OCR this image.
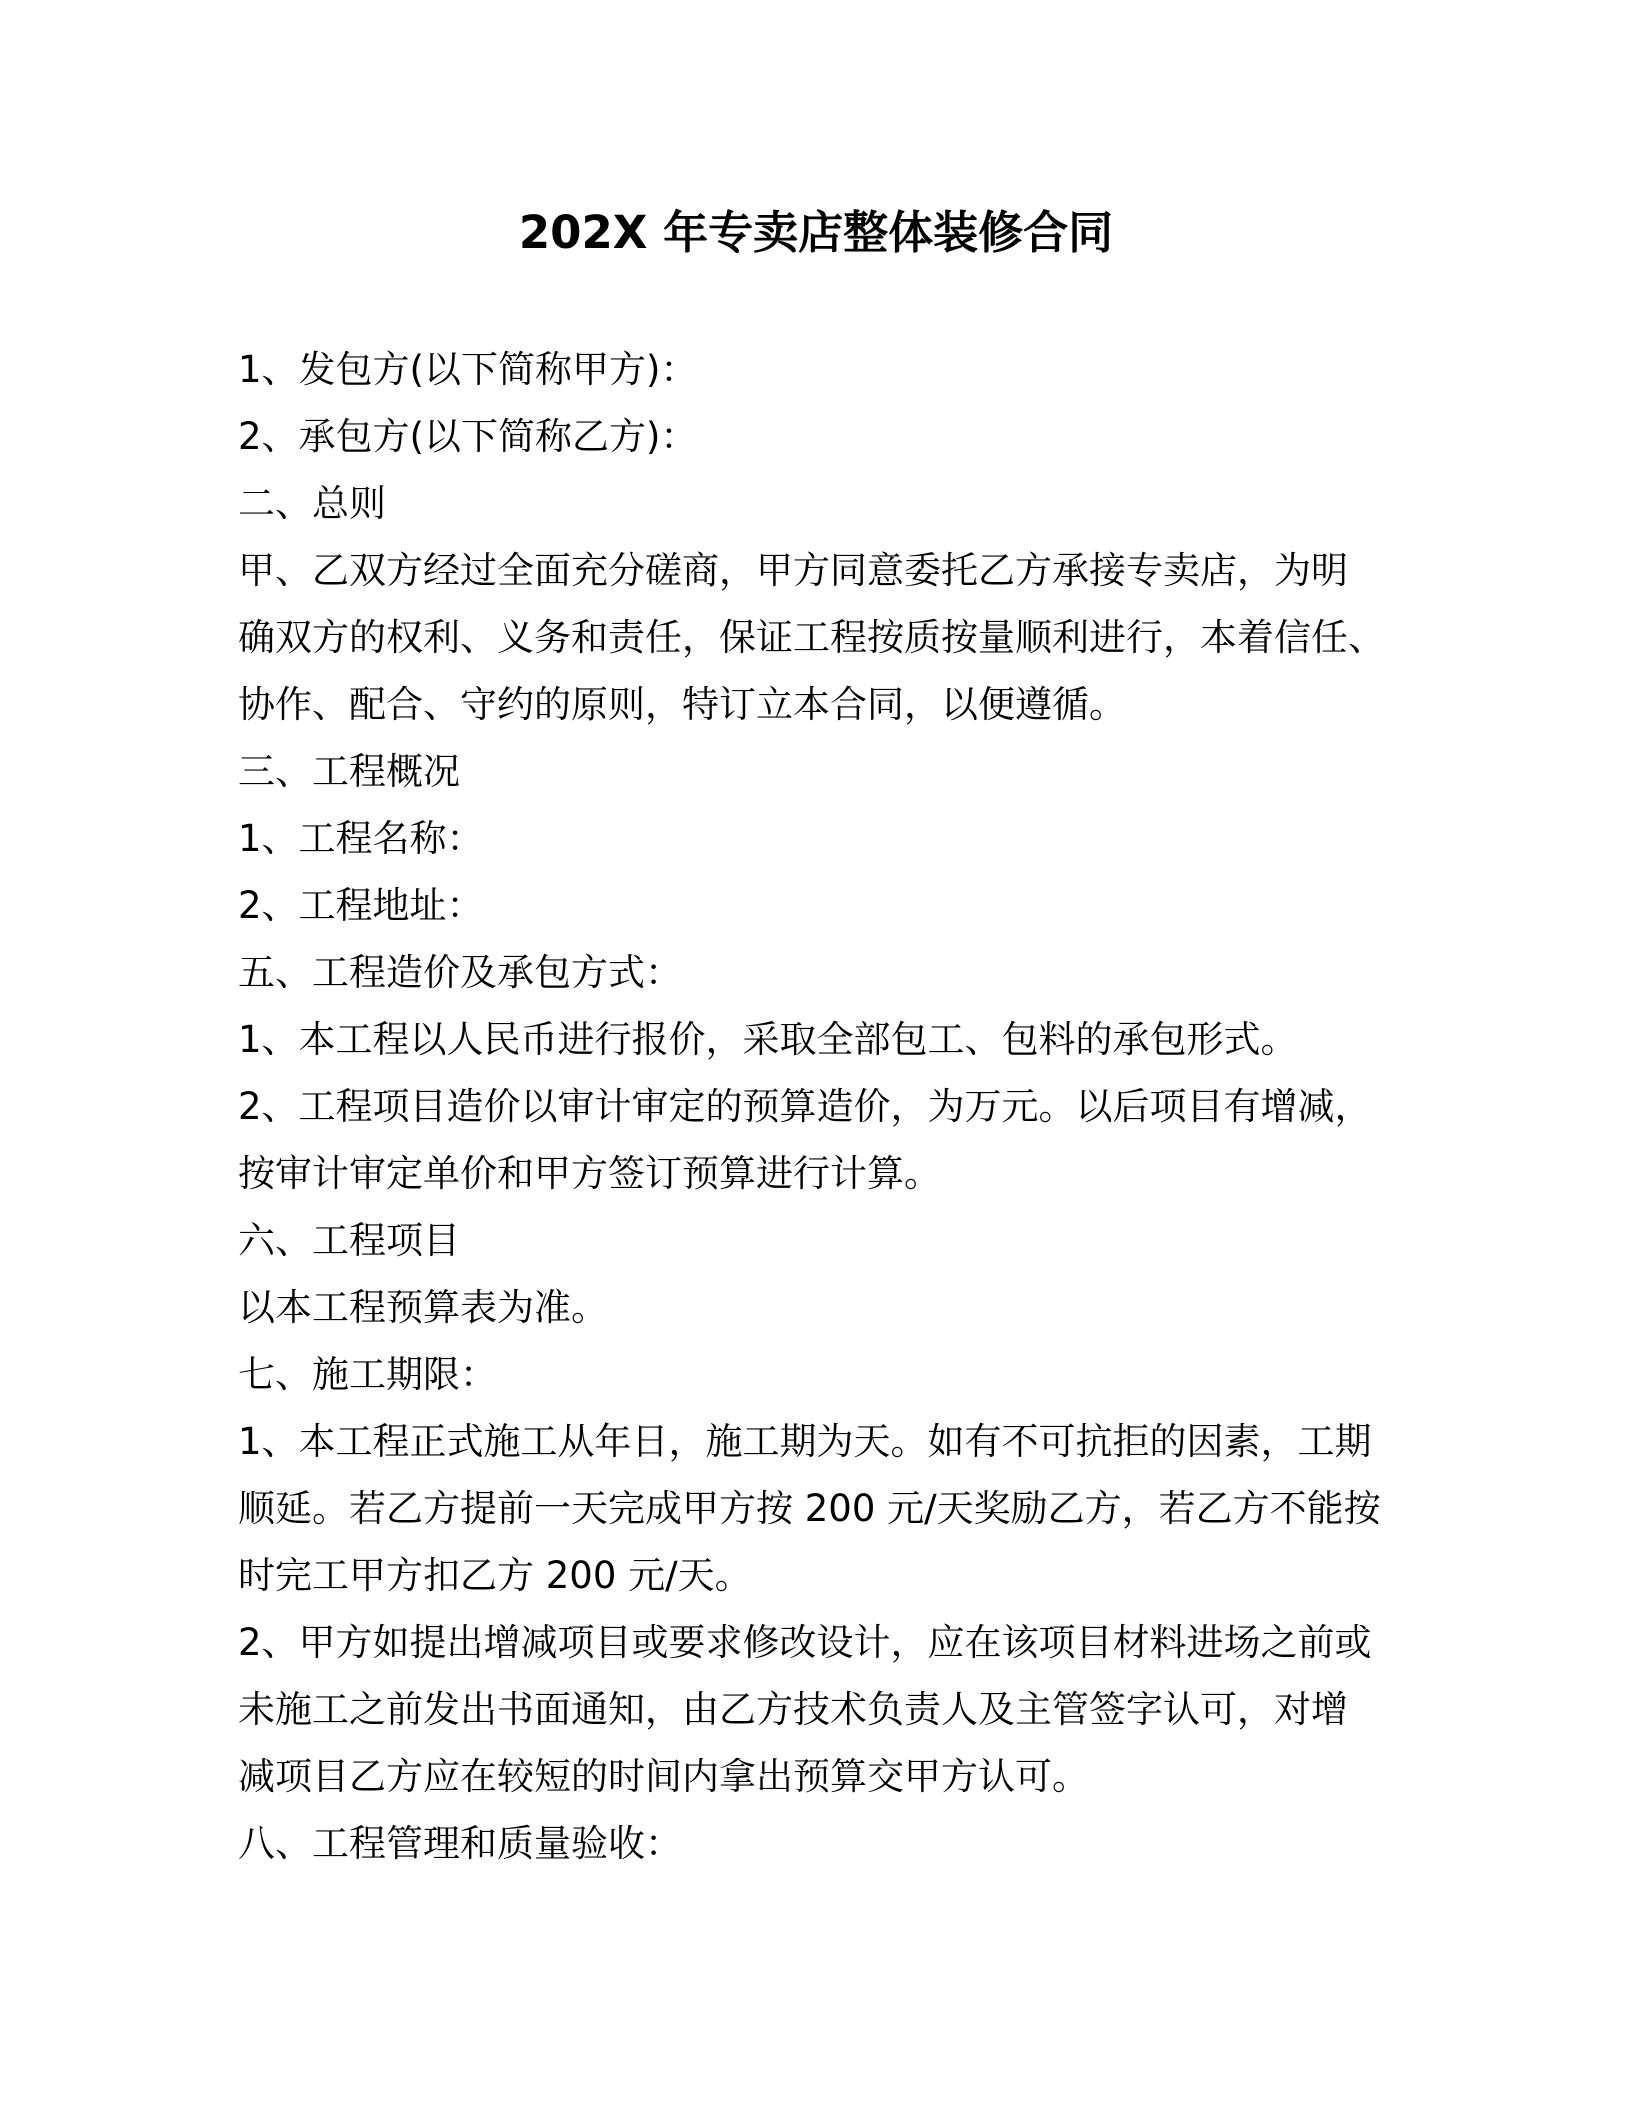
202X 年专卖店整体装修合同
1、发包方(以下简称甲方)：
2、承包方(以下简称乙方)：
二、总则
甲、乙双方经过全面充分磋商，甲方同意委托乙方承接专卖店，为明
确双方的权利、义务和责任，保证工程按质按量顺利进行，本着信任、
协作、配合、守约的原则，特订立本合同，以便遵循。
三、工程概况
1、工程名称：
2、工程地址：
五、工程造价及承包方式：
1、本工程以人民币进行报价，采取全部包工、包料的承包形式。
2、工程项目造价以审计审定的预算造价，为万元。以后项目有增减，
按审计审定单价和甲方签订预算进行计算。
六、工程项目
以本工程预算表为准。
七、施工期限：
1、本工程正式施工从年日，施工期为天。如有不可抗拒的因素，工期
顺延。若乙方提前一天完成甲方按 200 元/天奖励乙方，若乙方不能按
时完工甲方扣乙方 200 元/天。
2、甲方如提出增减项目或要求修改设计，应在该项目材料进场之前或
未施工之前发出书面通知，由乙方技术负责人及主管签字认可，对增
减项目乙方应在较短的时间内拿出预算交甲方认可。
八、工程管理和质量验收：
